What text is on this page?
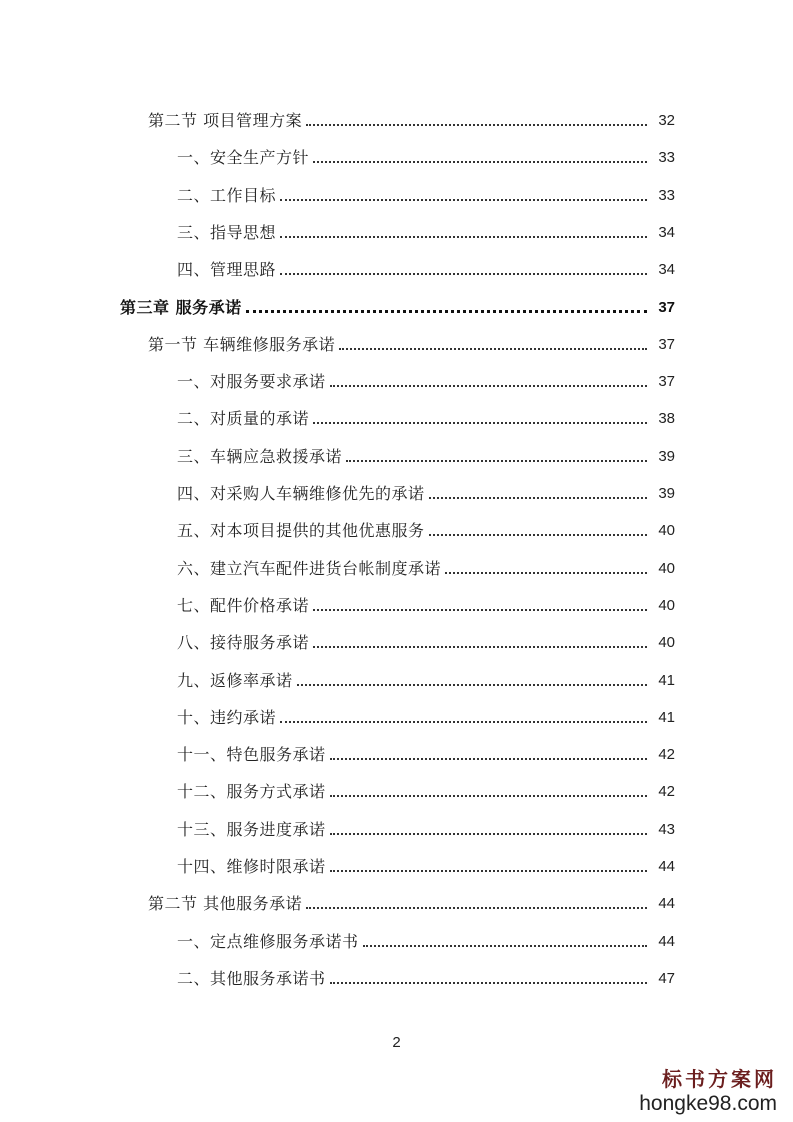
第二节 项目管理方案	32
一、安全生产方针	33
二、工作目标	33
三、指导思想	34
四、管理思路	34
第三章 服务承诺	37
第一节 车辆维修服务承诺	37
一、对服务要求承诺	37
二、对质量的承诺	38
三、车辆应急救援承诺	39
四、对采购人车辆维修优先的承诺	39
五、对本项目提供的其他优惠服务	40
六、建立汽车配件进货台帐制度承诺	40
七、配件价格承诺	40
八、接待服务承诺	40
九、返修率承诺	41
十、违约承诺	41
十一、特色服务承诺	42
十二、服务方式承诺	42
十三、服务进度承诺	43
十四、维修时限承诺	44
第二节 其他服务承诺	44
一、定点维修服务承诺书	44
二、其他服务承诺书	47
2
标书方案网
hongke98.com
